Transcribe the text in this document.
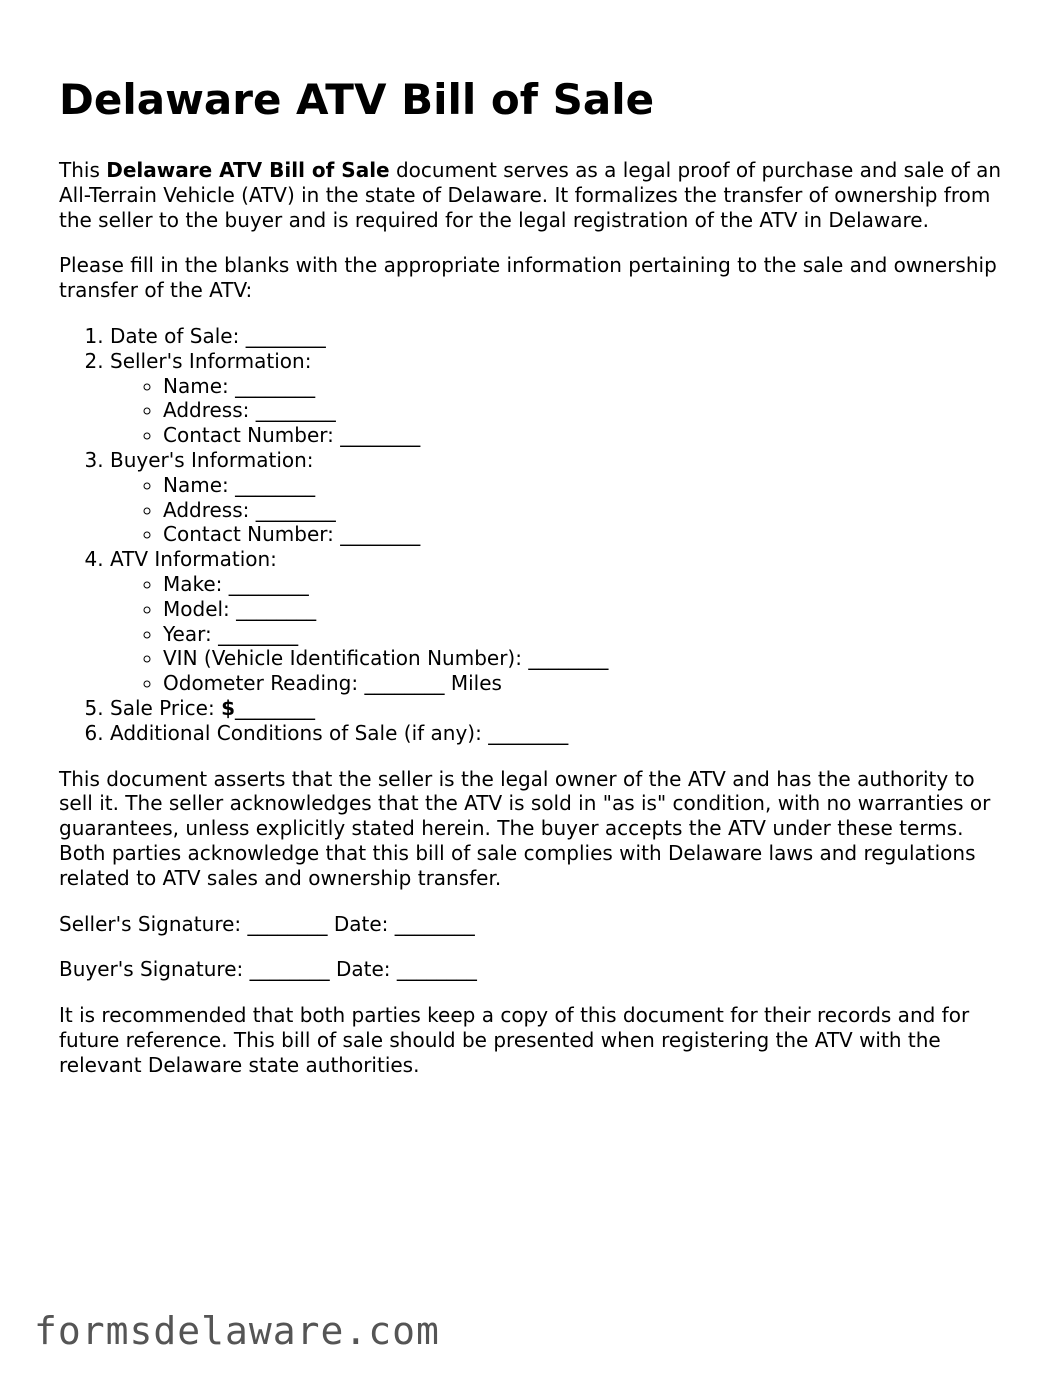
Delaware ATV Bill of Sale

This Delaware ATV Bill of Sale document serves as a legal proof of purchase and sale of an All-Terrain Vehicle (ATV) in the state of Delaware. It formalizes the transfer of ownership from the seller to the buyer and is required for the legal registration of the ATV in Delaware.

Please fill in the blanks with the appropriate information pertaining to the sale and ownership transfer of the ATV:

1. Date of Sale: ________
2. Seller's Information:
◦ Name: ________
◦ Address: ________
◦ Contact Number: ________
3. Buyer's Information:
◦ Name: ________
◦ Address: ________
◦ Contact Number: ________
4. ATV Information:
◦ Make: ________
◦ Model: ________
◦ Year: ________
◦ VIN (Vehicle Identification Number): ________
◦ Odometer Reading: ________ Miles
5. Sale Price: $________
6. Additional Conditions of Sale (if any): ________

This document asserts that the seller is the legal owner of the ATV and has the authority to sell it. The seller acknowledges that the ATV is sold in "as is" condition, with no warranties or guarantees, unless explicitly stated herein. The buyer accepts the ATV under these terms. Both parties acknowledge that this bill of sale complies with Delaware laws and regulations related to ATV sales and ownership transfer.

Seller's Signature: ________ Date: ________

Buyer's Signature: ________ Date: ________

It is recommended that both parties keep a copy of this document for their records and for future reference. This bill of sale should be presented when registering the ATV with the relevant Delaware state authorities.

formsdelaware.com
